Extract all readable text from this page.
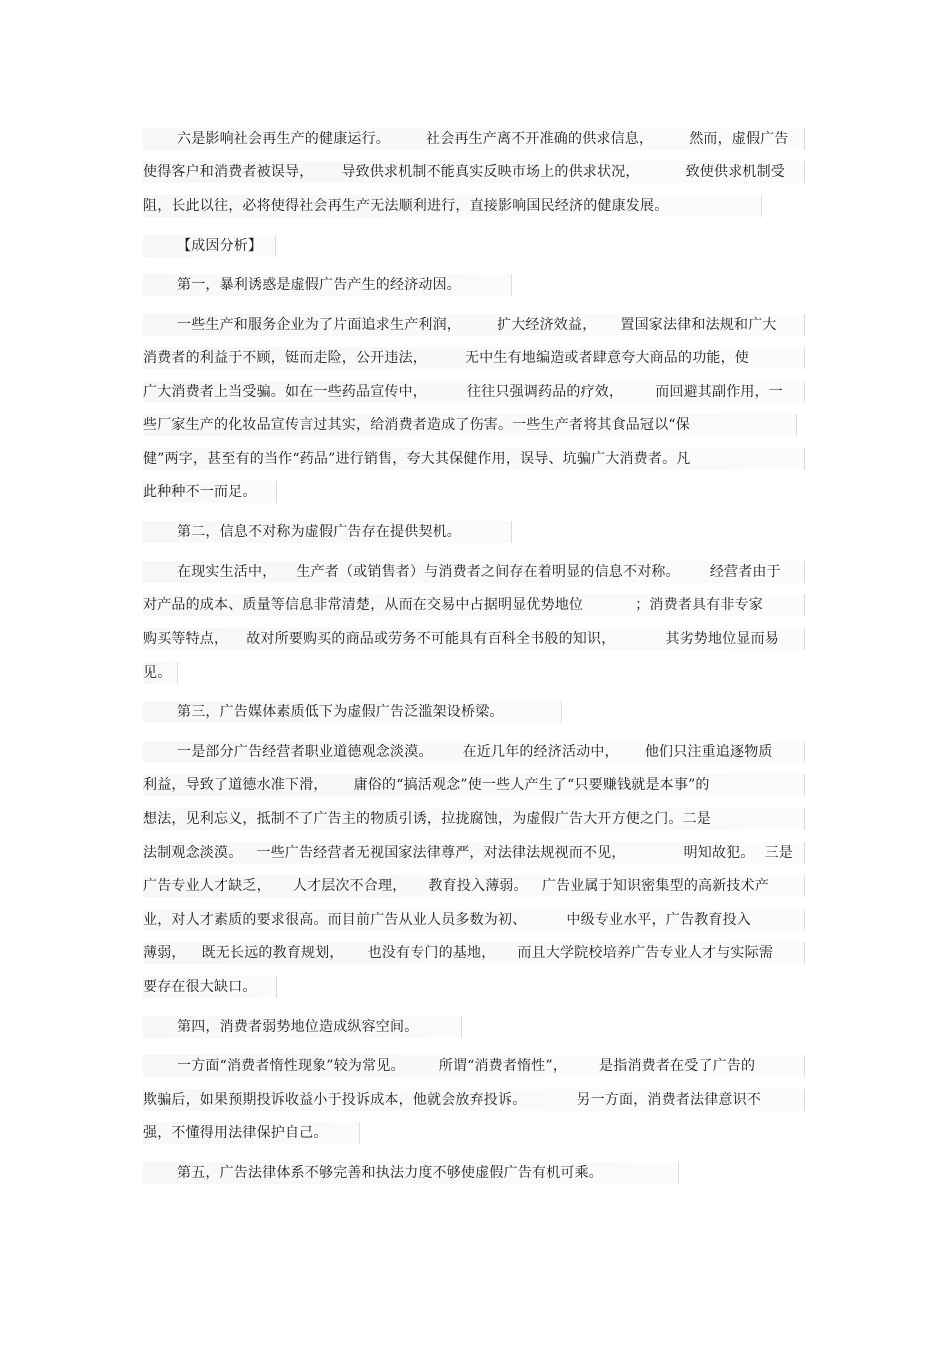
六是影响社会再生产的健康运行。	社会再生产离不开准确的供求信息，	然而，虚假广告
使得客户和消费者被误导， 导致供求机制不能真实反映市场上的供求状况，	致使供求机制受
阻，长此以往，必将使得社会再生产无法顺利进行，直接影响国民经济的健康发展。
【成因分析】
第一，暴利诱惑是虚假广告产生的经济动因。
一些生产和服务企业为了片面追求生产利润，	扩大经济效益， 置国家法律和法规和广大
消费者的利益于不顾，铤而走险，公开违法，	无中生有地编造或者肆意夸大商品的功能，使
广大消费者上当受骗。如在一些药品宣传中，	往往只强调药品的疗效， 而回避其副作用，一
些厂家生产的化妆品宣传言过其实，给消费者造成了伤害。一些生产者将其食品冠以“保
健”两字，甚至有的当作“药品”进行销售，夸大其保健作用，误导、坑骗广大消费者。凡
此种种不一而足。
第二，信息不对称为虚假广告存在提供契机。
在现实生活中， 生产者（或销售者）与消费者之间存在着明显的信息不对称。 经营者由于
对产品的成本、质量等信息非常清楚，从而在交易中占据明显优势地位	；消费者具有非专家
购买等特点， 故对所要购买的商品或劳务不可能具有百科全书般的知识，	其劣势地位显而易
见。
第三，广告媒体素质低下为虚假广告泛滥架设桥梁。
一是部分广告经营者职业道德观念淡漠。 在近几年的经济活动中， 他们只注重追逐物质
利益，导致了道德水准下滑， 庸俗的“搞活观念”使一些人产生了“只要赚钱就是本事”的
想法，见利忘义，抵制不了广告主的物质引诱，拉拢腐蚀，为虚假广告大开方便之门。二是
法制观念淡漠。 一些广告经营者无视国家法律尊严，对法律法规视而不见，	明知故犯。 三是
广告专业人才缺乏， 人才层次不合理， 教育投入薄弱。 广告业属于知识密集型的高新技术产
业，对人才素质的要求很高。而目前广告从业人员多数为初、	中级专业水平，广告教育投入
薄弱， 既无长远的教育规划， 也没有专门的基地， 而且大学院校培养广告专业人才与实际需
要存在很大缺口。
第四，消费者弱势地位造成纵容空间。
一方面“消费者惰性现象”较为常见。 所谓“消费者惰性”， 是指消费者在受了广告的
欺骗后，如果预期投诉收益小于投诉成本，他就会放弃投诉。	另一方面，消费者法律意识不
强，不懂得用法律保护自己。
第五，广告法律体系不够完善和执法力度不够使虚假广告有机可乘。
